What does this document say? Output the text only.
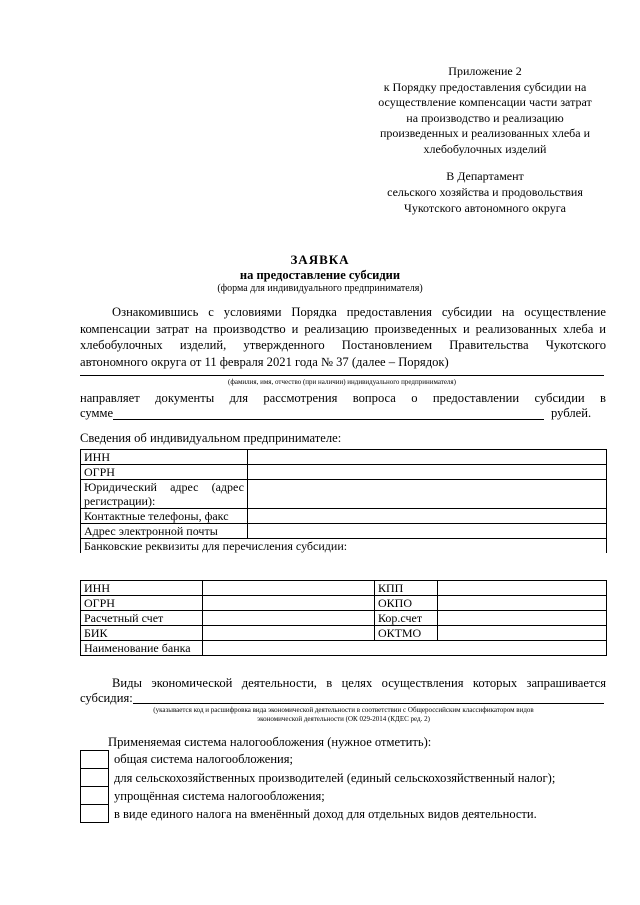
Приложение 2
к Порядку предоставления субсидии на
осуществление компенсации части затрат
на производство и реализацию
произведенных и реализованных хлеба и
хлебобулочных изделий
В Департамент
сельского хозяйства и продовольствия
Чукотского автономного округа
ЗАЯВКА
на предоставление субсидии
(форма для индивидуального предпринимателя)
Ознакомившись с условиями Порядка предоставления субсидии на осуществление
компенсации затрат на производство и реализацию произведенных и реализованных хлеба и
хлебобулочных изделий, утвержденного Постановлением Правительства Чукотского
автономного округа от 11 февраля 2021 года № 37 (далее – Порядок)
(фамилия, имя, отчество (при наличии) индивидуального предпринимателя)
направляет документы для рассмотрения вопроса о предоставлении субсидии в
сумме	рублей.
Сведения об индивидуальном предпринимателе:
ИНН	
ОГРН	
Юридический адрес (адрес регистрации):	
Контактные телефоны, факс	
Адрес электронной почты	
Банковские реквизиты для перечисления субсидии:	
ИНН		КПП	
ОГРН		ОКПО	
Расчетный счет		Кор.счет	
БИК		ОКТМО	
Наименование банка			
Виды экономической деятельности, в целях осуществления которых запрашивается
субсидия:
(указывается код и расшифровка вида экономической деятельности в соответствии с Общероссийским классификатором видов
экономической деятельности (ОК 029-2014 (КДЕС ред. 2)
Применяемая система налогообложения (нужное отметить):
общая система налогообложения;
для сельскохозяйственных производителей (единый сельскохозяйственный налог);
упрощённая система налогообложения;
в виде единого налога на вменённый доход для отдельных видов деятельности.
